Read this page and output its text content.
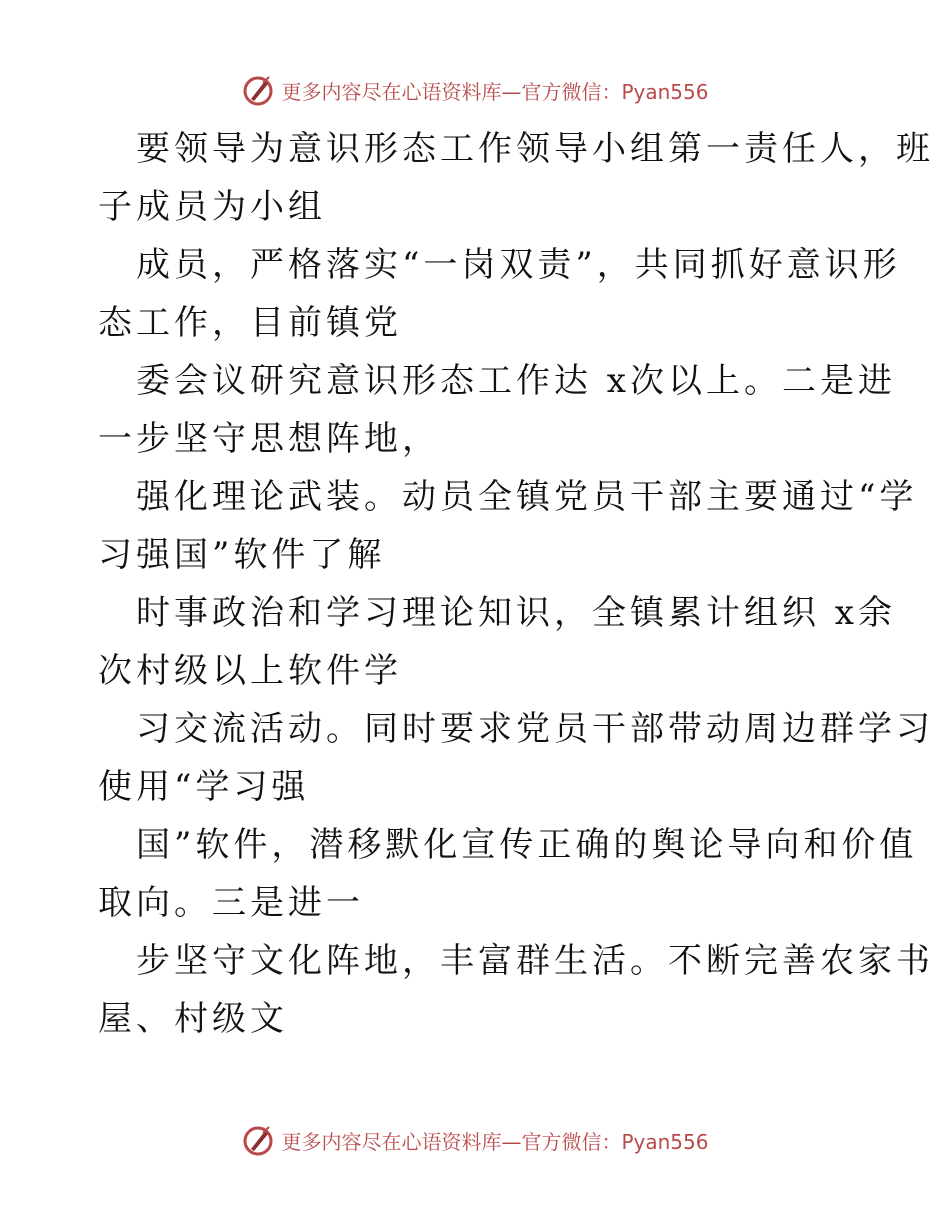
更多内容尽在心语资料库—官方微信：Pyan556

要领导为意识形态工作领导小组第一责任人，班
子成员为小组

成员，严格落实“一岗双责”，共同抓好意识形
态工作，目前镇党

委会议研究意识形态工作达 x次以上。二是进
一步坚守思想阵地，

强化理论武装。动员全镇党员干部主要通过“学
习强国”软件了解

时事政治和学习理论知识，全镇累计组织 x余
次村级以上软件学

习交流活动。同时要求党员干部带动周边群学习
使用“学习强

国”软件，潜移默化宣传正确的舆论导向和价值
取向。三是进一

步坚守文化阵地，丰富群生活。不断完善农家书
屋、村级文

更多内容尽在心语资料库—官方微信：Pyan556
